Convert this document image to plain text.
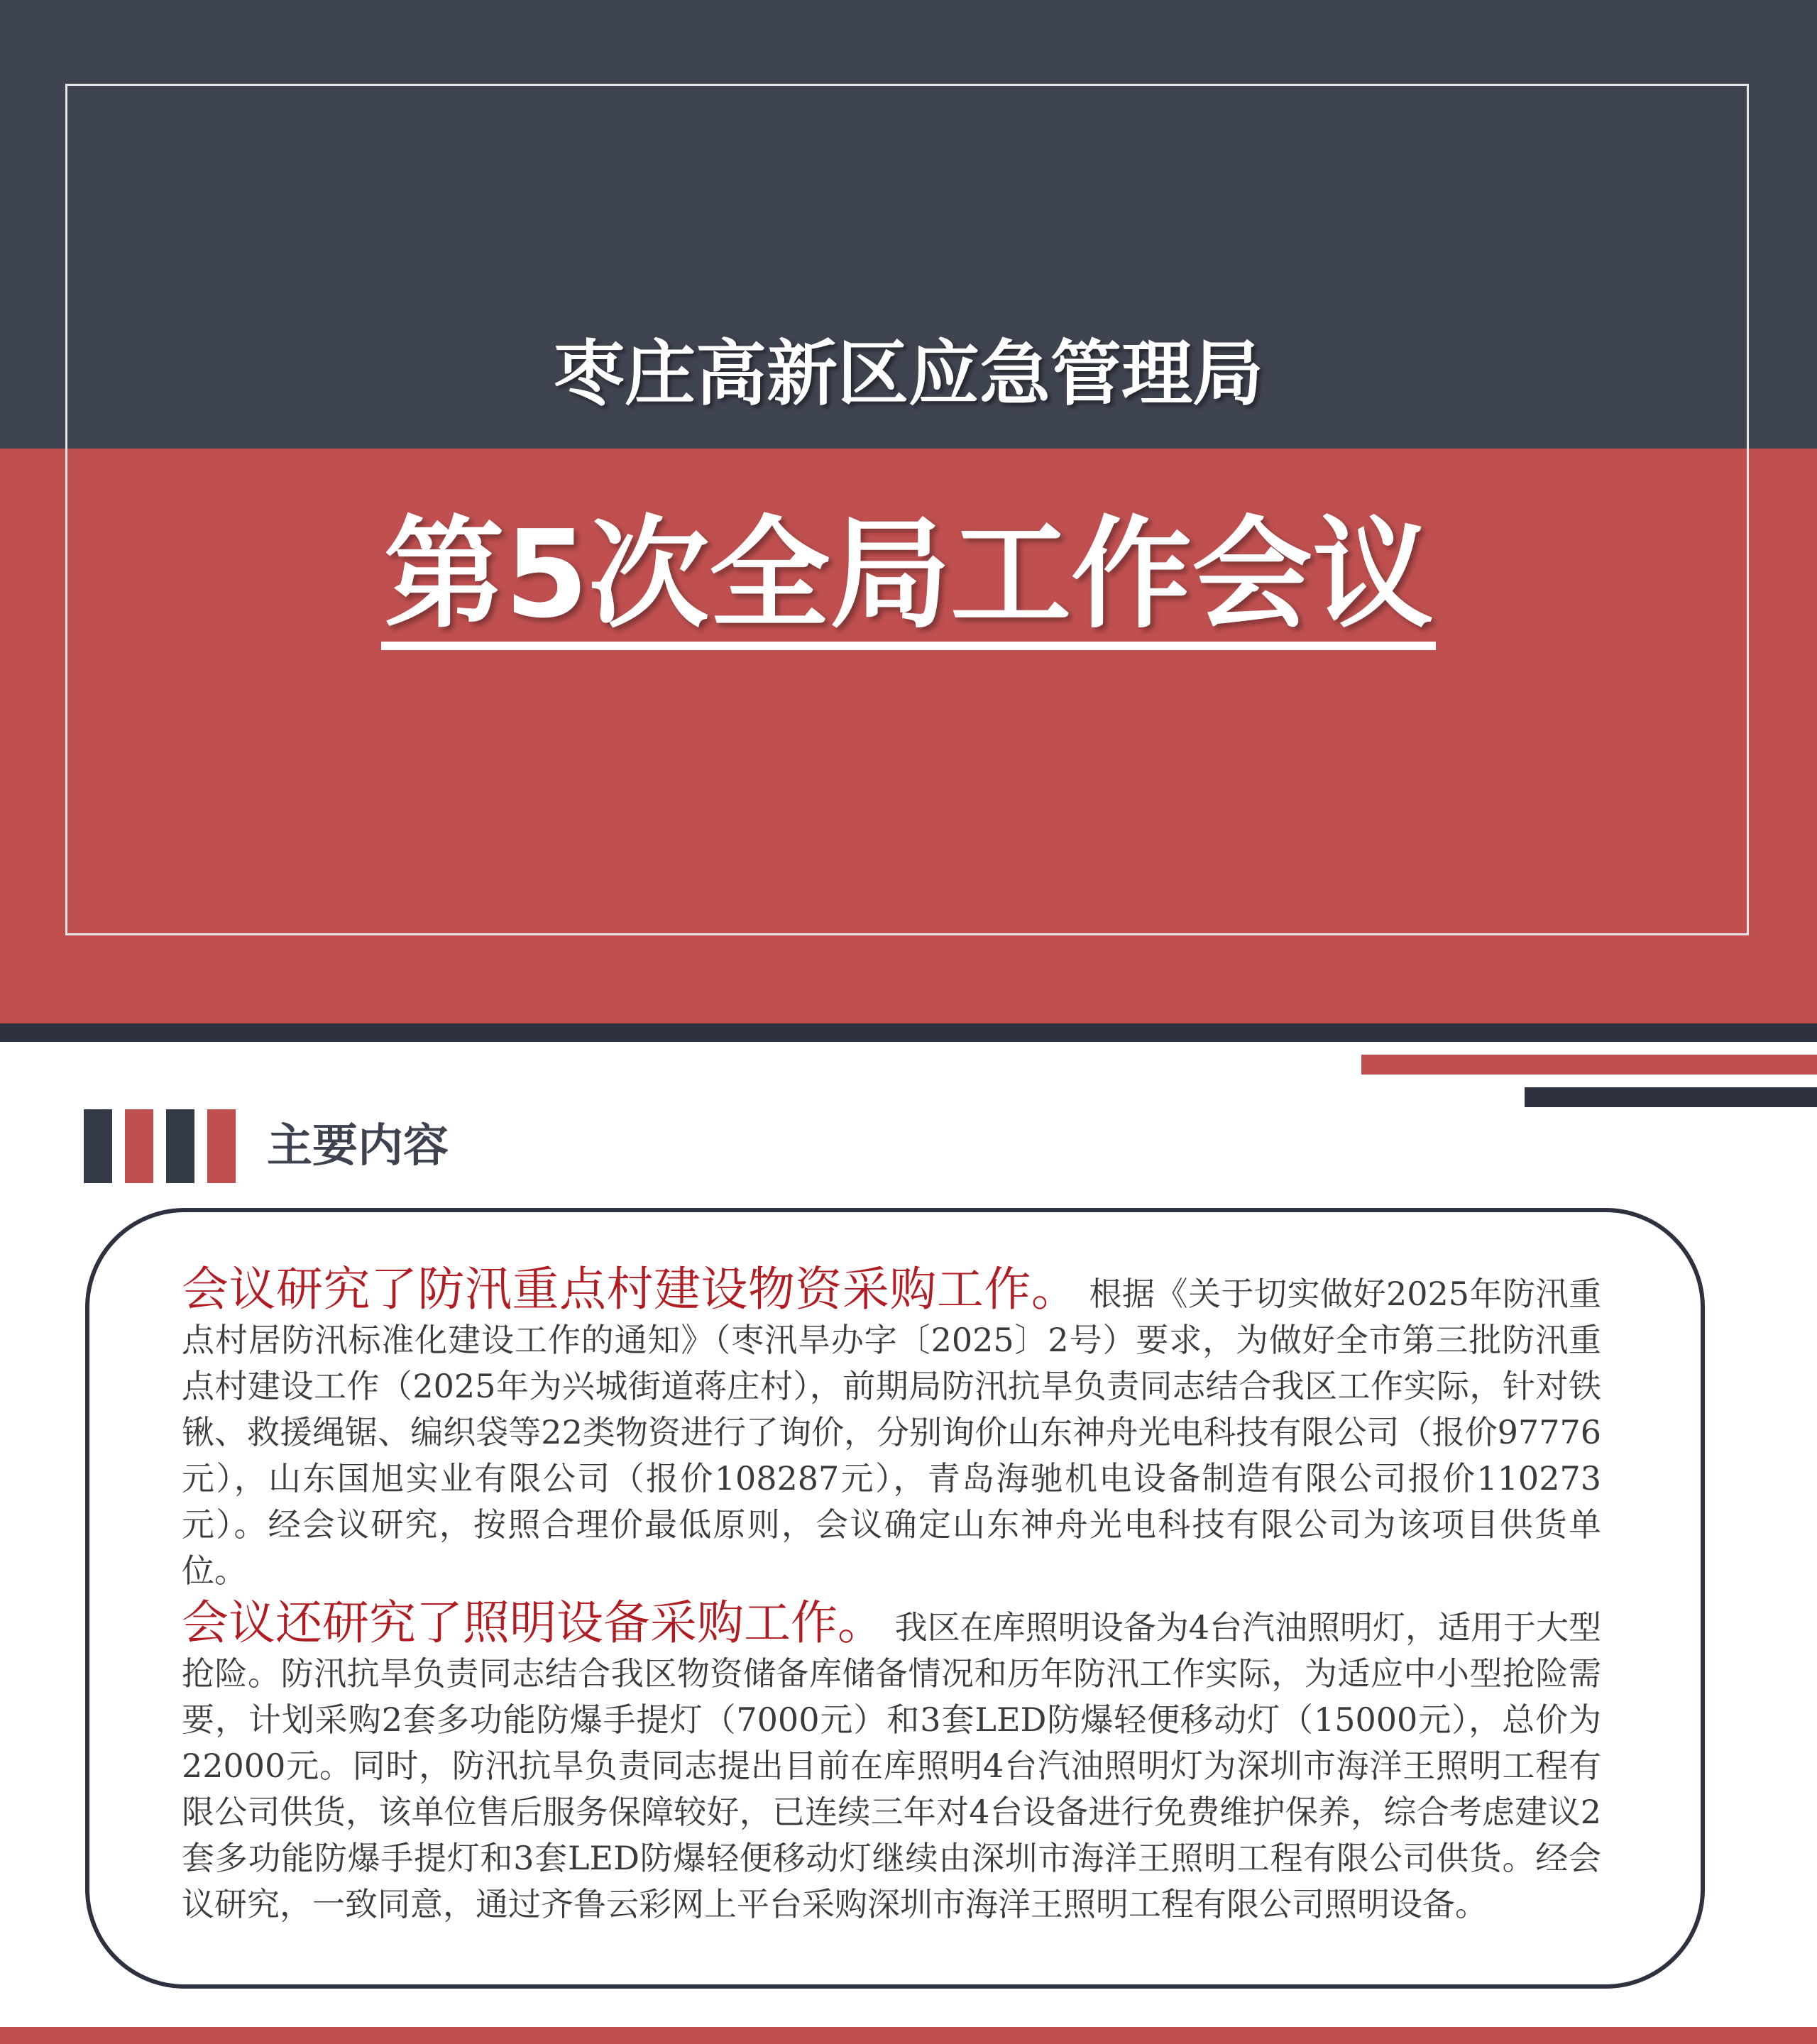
枣庄高新区应急管理局
第5次全局工作会议
主要内容

会议研究了防汛重点村建设物资采购工作。 根据《关于切实做好2025年防汛重点村居防汛标准化建设工作的通知》（枣汛旱办字〔2025〕2号）要求，为做好全市第三批防汛重点村建设工作（2025年为兴城街道蒋庄村），前期局防汛抗旱负责同志结合我区工作实际，针对铁锹、救援绳锯、编织袋等22类物资进行了询价，分别询价山东神舟光电科技有限公司（报价97776元），山东国旭实业有限公司（报价108287元），青岛海驰机电设备制造有限公司报价110273元）。经会议研究，按照合理价最低原则，会议确定山东神舟光电科技有限公司为该项目供货单位。

会议还研究了照明设备采购工作。 我区在库照明设备为4台汽油照明灯，适用于大型抢险。防汛抗旱负责同志结合我区物资储备库储备情况和历年防汛工作实际，为适应中小型抢险需要，计划采购2套多功能防爆手提灯（7000元）和3套LED防爆轻便移动灯（15000元），总价为22000元。同时，防汛抗旱负责同志提出目前在库照明4台汽油照明灯为深圳市海洋王照明工程有限公司供货，该单位售后服务保障较好，已连续三年对4台设备进行免费维护保养，综合考虑建议2套多功能防爆手提灯和3套LED防爆轻便移动灯继续由深圳市海洋王照明工程有限公司供货。经会议研究，一致同意，通过齐鲁云彩网上平台采购深圳市海洋王照明工程有限公司照明设备。
